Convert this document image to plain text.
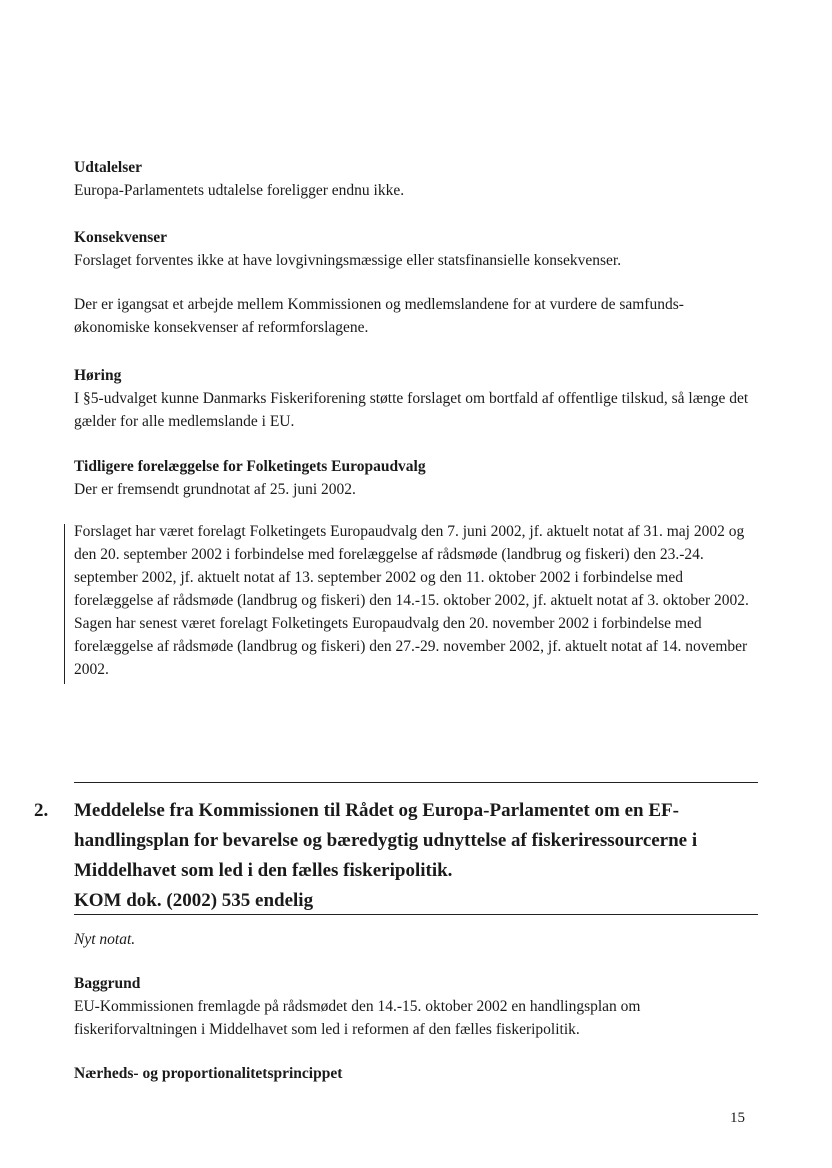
Udtalelser
Europa-Parlamentets udtalelse foreligger endnu ikke.
Konsekvenser
Forslaget forventes ikke at have lovgivningsmæssige eller statsfinansielle konsekvenser.
Der er igangsat et arbejde mellem Kommissionen og medlemslandene for at vurdere de samfunds-økonomiske konsekvenser af reformforslagene.
Høring
I §5-udvalget kunne Danmarks Fiskeriforening støtte forslaget om bortfald af offentlige tilskud, så længe det gælder for alle medlemslande i EU.
Tidligere forelæggelse for Folketingets Europaudvalg
Der er fremsendt grundnotat af 25. juni 2002.
Forslaget har været forelagt Folketingets Europaudvalg den 7. juni 2002, jf. aktuelt notat af 31. maj 2002 og den 20. september 2002 i forbindelse med forelæggelse af rådsmøde (landbrug og fiskeri) den 23.-24. september 2002, jf. aktuelt notat af 13. september 2002 og den 11. oktober 2002 i forbindelse med forelæggelse af rådsmøde (landbrug og fiskeri) den 14.-15. oktober 2002, jf. aktuelt notat af 3. oktober 2002. Sagen har senest været forelagt Folketingets Europaudvalg den 20. november 2002 i forbindelse med forelæggelse af rådsmøde (landbrug og fiskeri) den 27.-29. november 2002, jf. aktuelt notat af 14. november 2002.
2. Meddelelse fra Kommissionen til Rådet og Europa-Parlamentet om en EF-
handlingsplan for bevarelse og bæredygtig udnyttelse af fiskeriressourcerne i
Middelhavet som led i den fælles fiskeripolitik.
KOM dok. (2002) 535 endelig
Nyt notat.
Baggrund
EU-Kommissionen fremlagde på rådsmødet den 14.-15. oktober 2002 en handlingsplan om fiskeriforvaltningen i Middelhavet som led i reformen af den fælles fiskeripolitik.
Nærheds- og proportionalitetsprincippet
15
